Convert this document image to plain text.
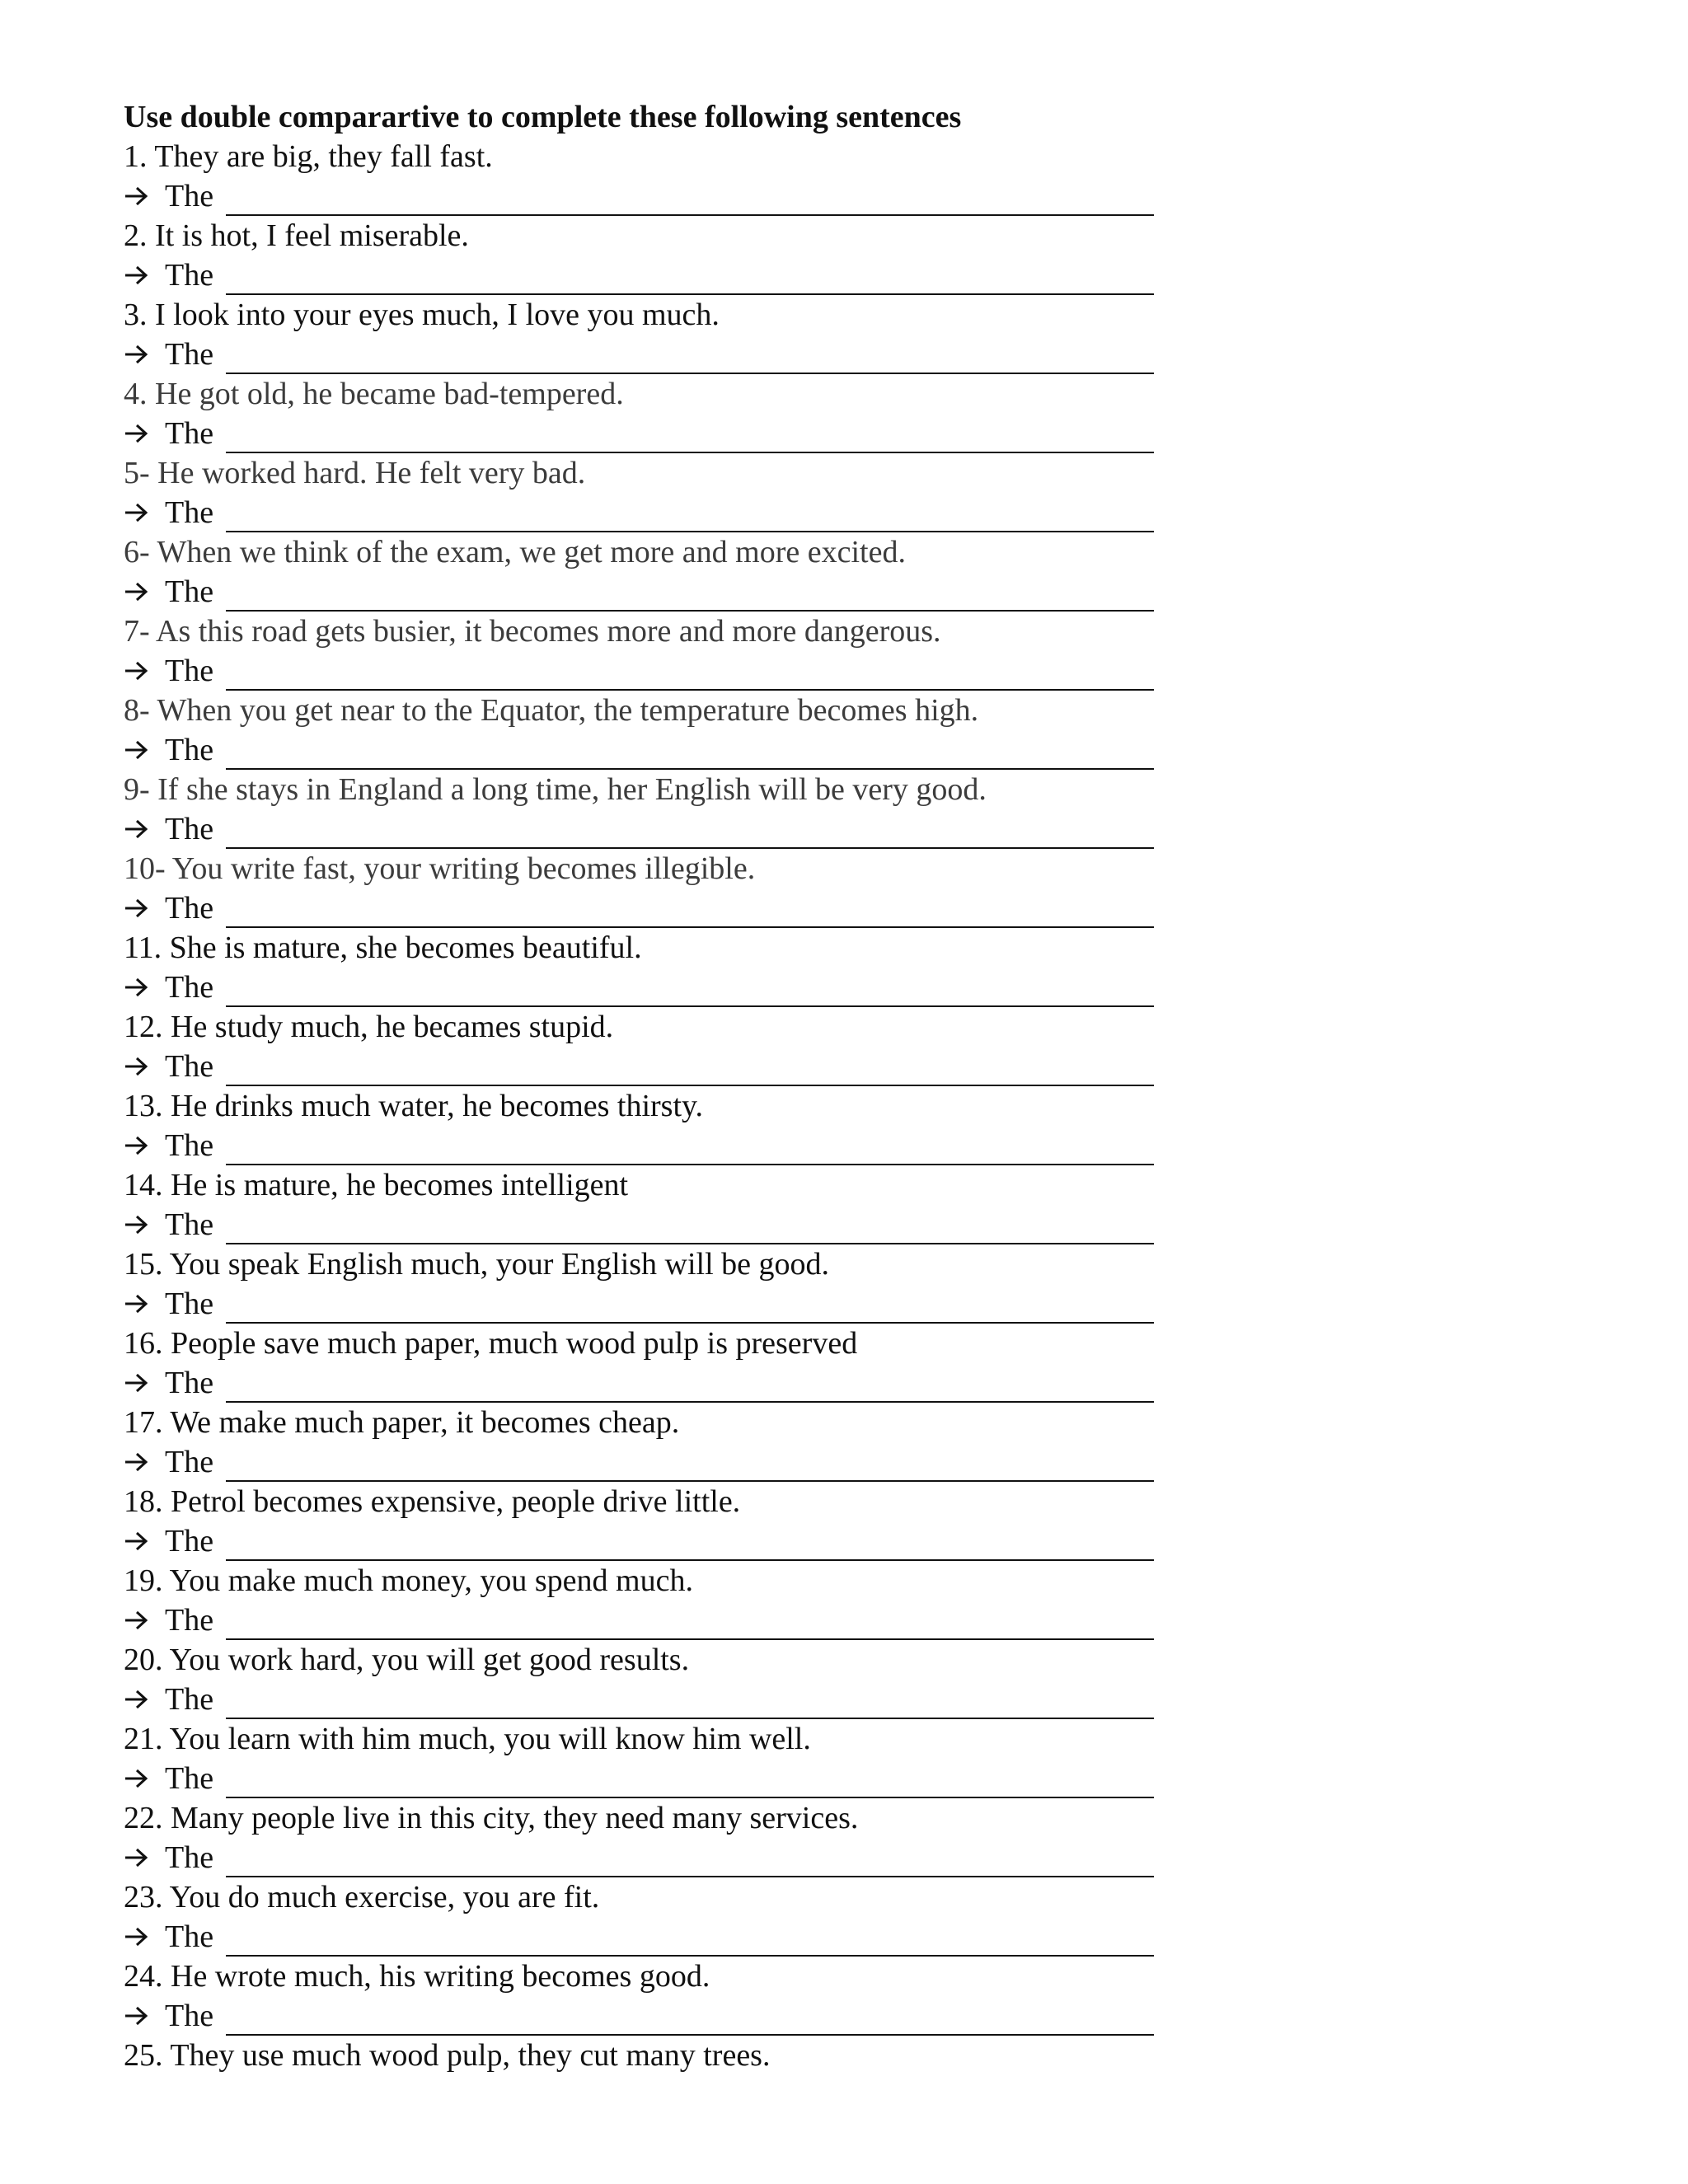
Use double comparartive to complete these following sentences
1. They are big, they fall fast.
The
2. It is hot, I feel miserable.
The
3. I look into your eyes much, I love you much.
The
4. He got old, he became bad-tempered.
The
5- He worked hard. He felt very bad.
The
6- When we think of the exam, we get more and more excited.
The
7- As this road gets busier, it becomes more and more dangerous.
The
8- When you get near to the Equator, the temperature becomes high.
The
9- If she stays in England a long time, her English will be very good.
The
10- You write fast, your writing becomes illegible.
The
11. She is mature, she becomes beautiful.
The
12. He study much, he becames stupid.
The
13. He drinks much water, he becomes thirsty.
The
14. He is mature, he becomes intelligent
The
15. You speak English much, your English will be good.
The
16. People save much paper, much wood pulp is preserved
The
17. We make much paper, it becomes cheap.
The
18. Petrol becomes expensive, people drive little.
The
19. You make much money, you spend much.
The
20. You work hard, you will get good results.
The
21. You learn with him much, you will know him well.
The
22. Many people live in this city, they need many services.
The
23. You do much exercise, you are fit.
The
24. He wrote much, his writing becomes good.
The
25. They use much wood pulp, they cut many trees.
